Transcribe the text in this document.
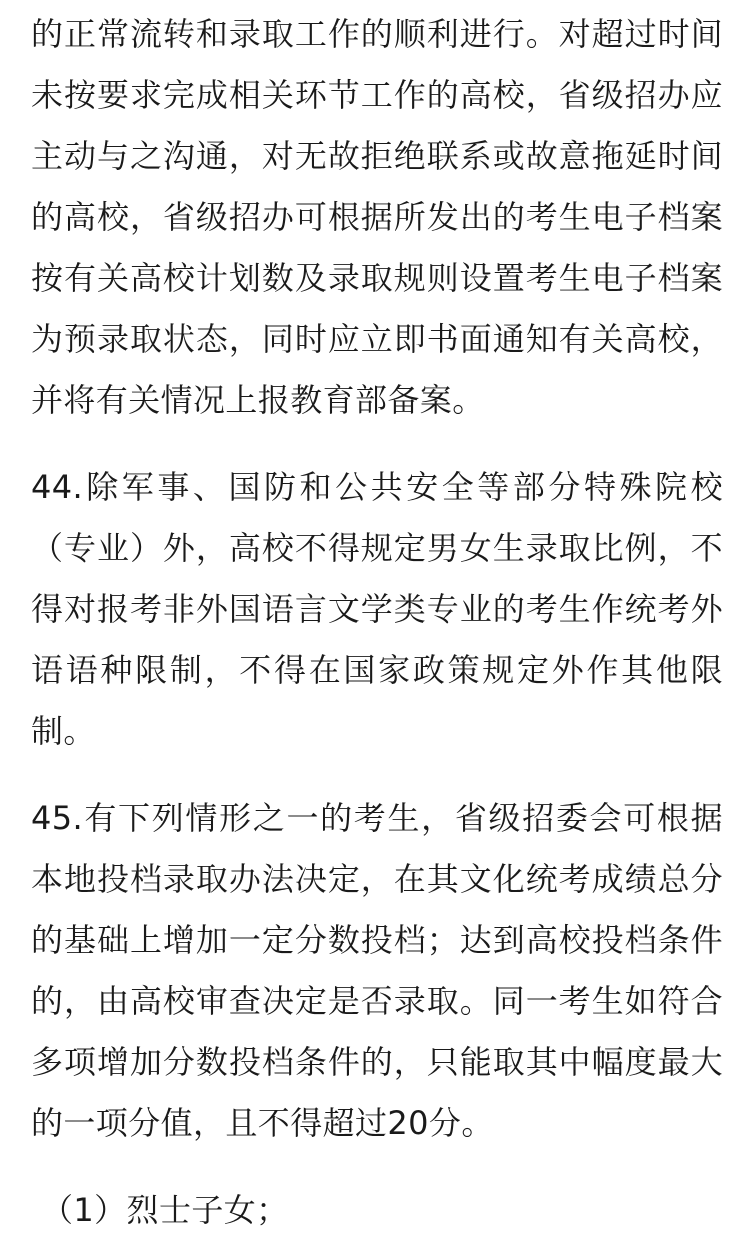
的正常流转和录取工作的顺利进行。对超过时间未按要求完成相关环节工作的高校，省级招办应主动与之沟通，对无故拒绝联系或故意拖延时间的高校，省级招办可根据所发出的考生电子档案按有关高校计划数及录取规则设置考生电子档案为预录取状态，同时应立即书面通知有关高校，并将有关情况上报教育部备案。

44.除军事、国防和公共安全等部分特殊院校（专业）外，高校不得规定男女生录取比例，不得对报考非外国语言文学类专业的考生作统考外语语种限制，不得在国家政策规定外作其他限制。

45.有下列情形之一的考生，省级招委会可根据本地投档录取办法决定，在其文化统考成绩总分的基础上增加一定分数投档；达到高校投档条件的，由高校审查决定是否录取。同一考生如符合多项增加分数投档条件的，只能取其中幅度最大的一项分值，且不得超过20分。

（1）烈士子女；
